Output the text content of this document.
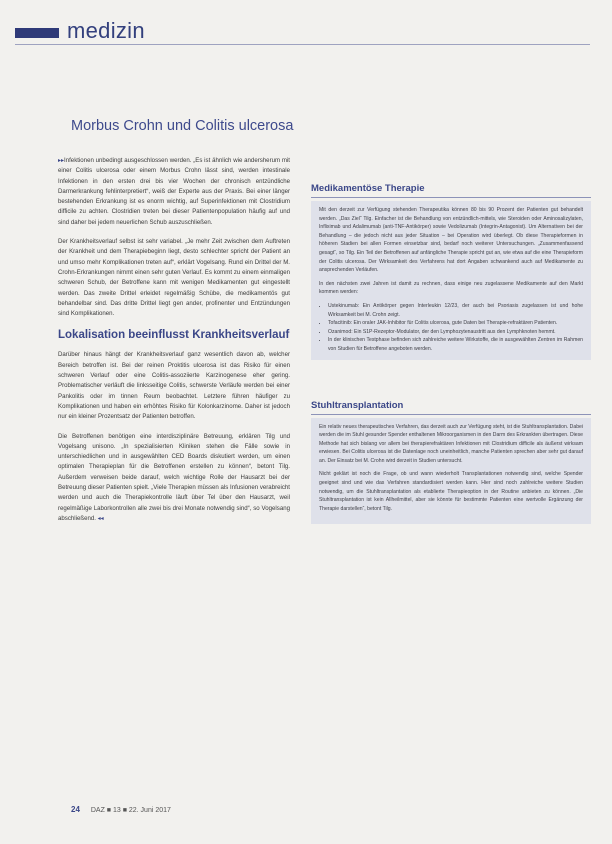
medizin
Morbus Crohn und Colitis ulcerosa

▸▸Infektionen unbedingt ausgeschlossen werden. „Es ist ähnlich wie andersherum mit einer Colitis ulcerosa oder einem Morbus Crohn lässt sind, werden intestinale Infektionen in den ersten drei bis vier Wochen der chronisch entzündliche Darmerkrankung fehlinterpretiert“, weiß der Experte aus der Praxis. Bei einer länger bestehenden Erkrankung ist es enorm wichtig, auf Superinfektionen mit Clostridium difficile zu achten. Clostridien treten bei dieser Patientenpopulation häufig auf und sind daher bei jedem neuerlichen Schub auszuschließen.

Der Krankheitsverlauf selbst ist sehr variabel. „Je mehr Zeit zwischen dem Auftreten der Krankheit und dem Therapiebeginn liegt, desto schlechter spricht der Patient an und umso mehr Komplikationen treten auf“, erklärt Vogelsang. Rund ein Drittel der M. Crohn-Erkrankungen nimmt einen sehr guten Verlauf. Es kommt zu einem einmaligen schweren Schub, der Betroffene kann mit wenigen Medikamenten gut eingestellt werden. Das zweite Drittel erleidet regelmäßig Schübe, die medikamentös gut behandelbar sind. Das dritte Drittel liegt gen ander, profinenter und Entzündungen sind Komplikationen.

Lokalisation beeinflusst Krankheitsverlauf

Darüber hinaus hängt der Krankheitsverlauf ganz wesentlich davon ab, welcher Bereich betroffen ist. Bei der reinen Proktitis ulcerosa ist das Risiko für einen schweren Verlauf oder eine Colitis-assoziierte Karzinogenese eher gering. Problematischer verläuft die linksseitige Colitis, schwerste Verläufe werden bei einer Pankolitis oder im tinnen Reum beobachtet. Letztere führen häufiger zu Komplikationen und haben ein erhöhtes Risiko für Kolonkarzinome. Daher ist jedoch nur ein kleiner Prozentsatz der Patienten betroffen.

Die Betroffenen benötigen eine interdisziplinäre Betreuung, erklären Tilg und Vogelsang unisono. „In spezialisierten Kliniken stehen die Fälle sowie in unterschiedlichen und in ausgewählten CED Boards diskutiert werden, um einen optimalen Therapieplan für die Betroffenen erstellen zu können“, betont Tilg. Außerdem verweisen beide darauf, welch wichtige Rolle der Hausarzt bei der Betreuung dieser Patienten spielt. „Viele Therapien müssen als Infusionen verabreicht werden und auch die Therapiekontrolle läuft über Tel über den Hausarzt, weil regelmäßige Laborkontrollen alle zwei bis drei Monate notwendig sind“, so Vogelsang abschließend. ◂◂

Medikamentöse Therapie

Mit den derzeit zur Verfügung stehenden Therapeutika können 80 bis 90 Prozent der Patienten gut behandelt werden. „Das Ziel“ Tilg. Einfacher ist die Behandlung von entzündlich-mittels, wie Steroiden oder Aminosalizylaten, Infliximab und Adalimumab (anti-TNF-Antikörper) sowie Vedolizumab (Integrin-Antagonist). Um Alternativen bei der Behandlung – die jedoch nicht aus jeder Situation – bei Operation wird überlegt. Ob diese Therapieformen in höheren Stadien bei allen Formen einsetzbar sind, bedarf noch weiterer Untersuchungen. „Zusammenfassend gesagt“, so Tilg. Ein Teil der Betroffenen auf anfängliche Therapie spricht gut an, wie etwa auf die eine Therapieform der Colitis ulcerosa. Der Wirksamkeit des Verfahrens hat dort Angaben schwankend auch auf Medikamente zu ansprechenden Verläufen.

In den nächsten zwei Jahren ist damit zu rechnen, dass einige neu zugelassene Medikamente auf den Markt kommen werden:

• Ustekinumab: Ein Antikörper gegen Interleukin 12/23, der auch bei Psoriasis zugelassen ist und hohe Wirksamkeit bei M. Crohn zeigt.
• Tofacitinib: Ein oraler JAK-Inhibitor für Colitis ulcerosa, gute Daten bei Therapie-refraktären Patienten.
• Ozanimod: Ein S1P-Rezeptor-Modulator, der den Lymphozytenaustritt aus den Lymphknoten hemmt.
• In der klinischen Testphase befinden sich zahlreiche weitere Wirkstoffe, die in ausgewählten Zentren im Rahmen von Studien für Betroffene angeboten werden.
Stuhltransplantation

Ein relativ neues therapeutisches Verfahren, das derzeit auch zur Verfügung steht, ist die Stuhltransplantation. Dabei werden die im Stuhl gesunder Spender enthaltenen Mikroorganismen in den Darm des Erkrankten übertragen. Diese Methode hat sich bislang vor allem bei therapierefraktären Infektionen mit Clostridium difficile als äußerst wirksam erwiesen. Bei Colitis ulcerosa ist die Datenlage noch uneinheitlich, manche Patienten sprechen aber sehr gut darauf an. Der Einsatz bei M. Crohn wird derzeit in Studien untersucht.

Nicht geklärt ist noch die Frage, ob und wann wiederholt Transplantationen notwendig sind, welche Spender geeignet sind und wie das Verfahren standardisiert werden kann. Hier sind noch zahlreiche weitere Studien notwendig, um die Stuhltransplantation als etablierte Therapieoption in der Routine anbieten zu können. „Die Stuhltransplantation ist kein Allheilmittel, aber sie könnte für bestimmte Patienten eine wertvolle Ergänzung der Therapie darstellen“, betont Tilg.

24 DAZ ■ 13 ■ 22. Juni 2017
